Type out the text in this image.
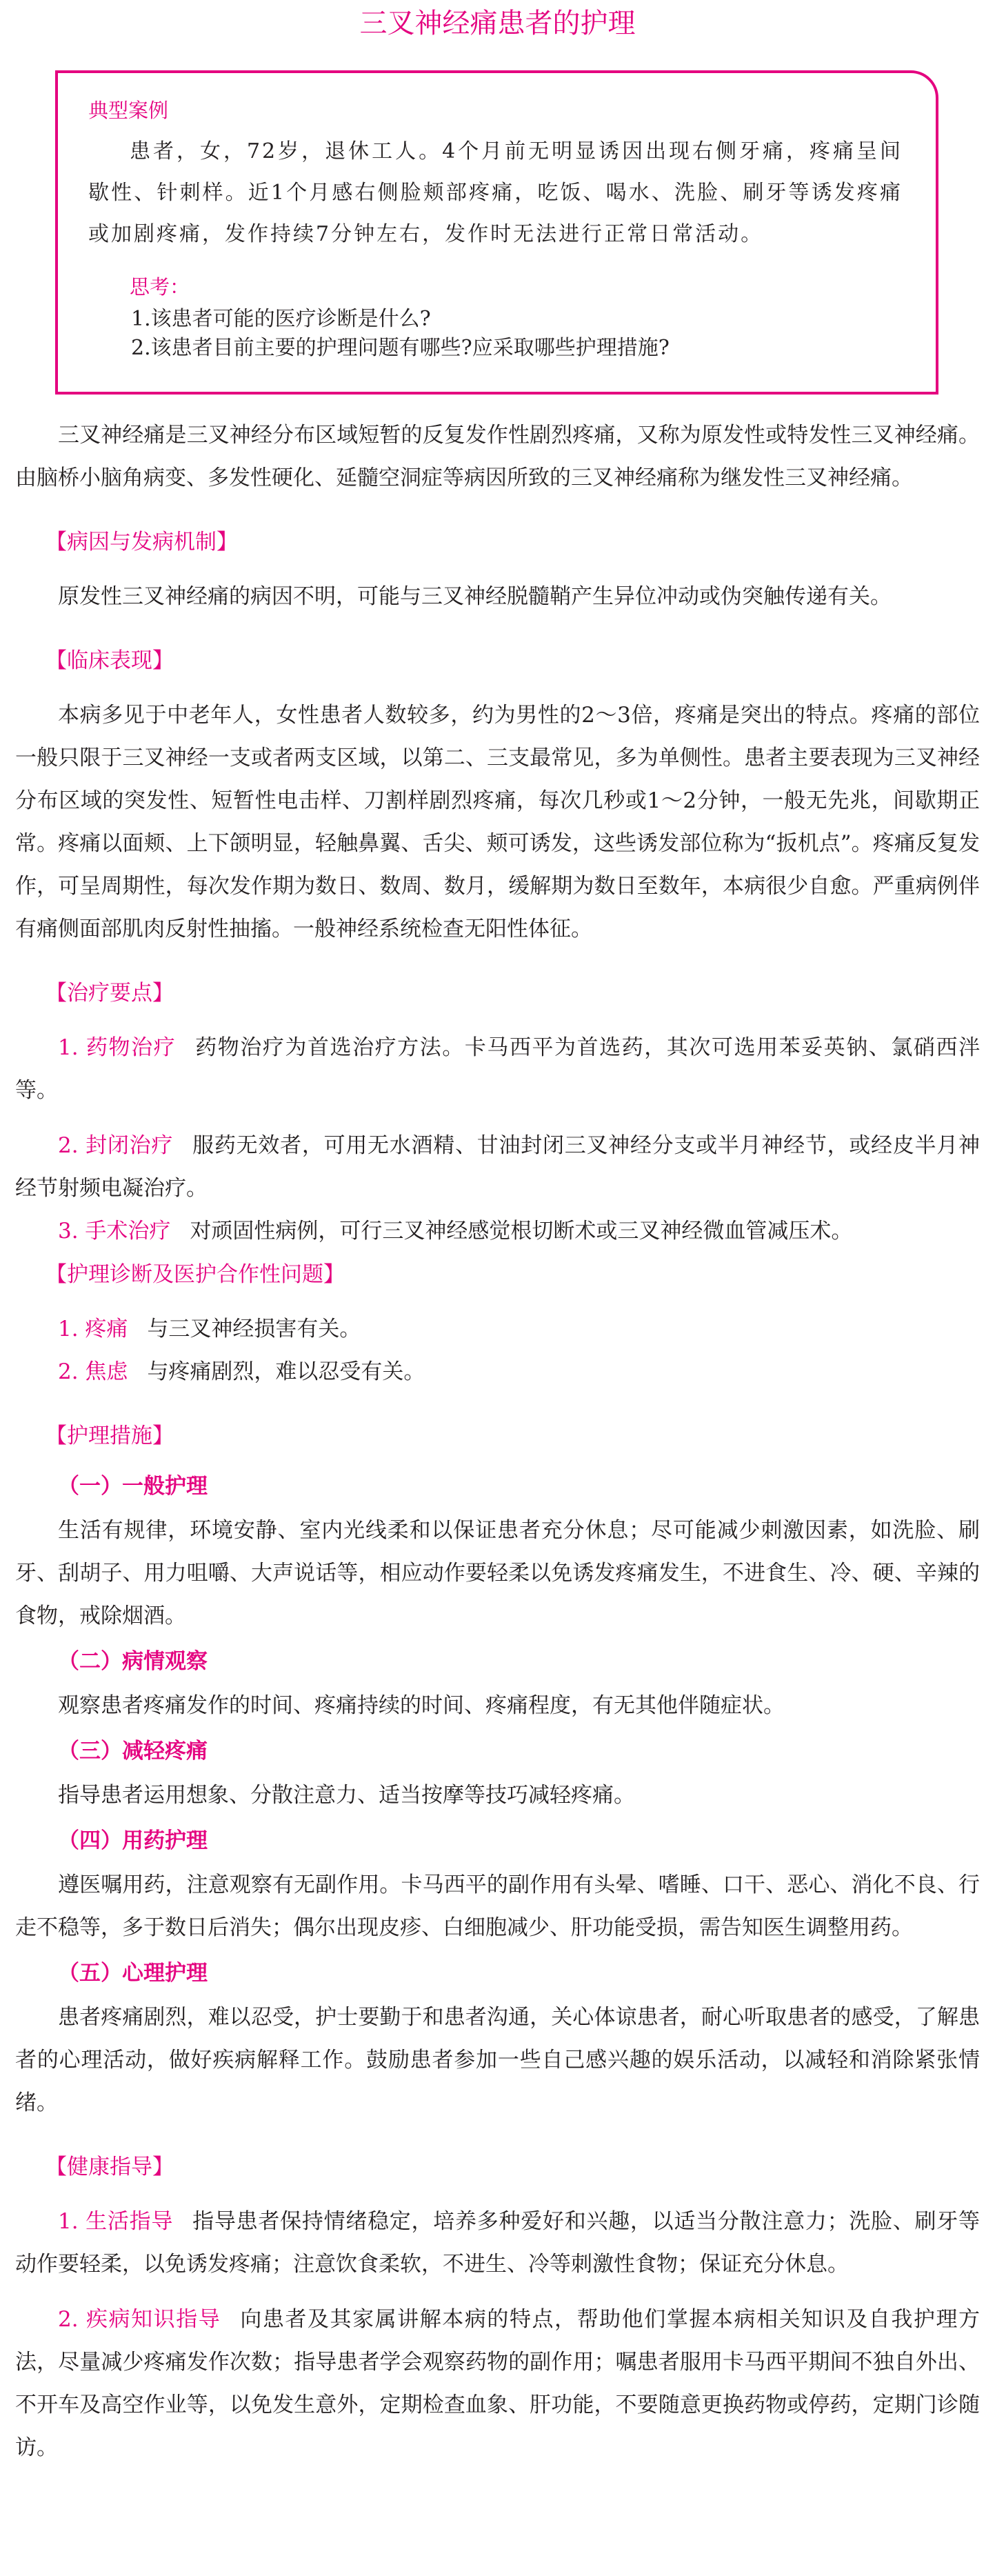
三叉神经痛患者的护理
典型案例
患者，女，72岁，退休工人。4个月前无明显诱因出现右侧牙痛，疼痛呈间歇性、针刺样。近1个月感右侧脸颊部疼痛，吃饭、喝水、洗脸、刷牙等诱发疼痛或加剧疼痛，发作持续7分钟左右，发作时无法进行正常日常活动。
思考：
1.该患者可能的医疗诊断是什么?
2.该患者目前主要的护理问题有哪些?应采取哪些护理措施?

三叉神经痛是三叉神经分布区域短暂的反复发作性剧烈疼痛，又称为原发性或特发性三叉神经痛。由脑桥小脑角病变、多发性硬化、延髓空洞症等病因所致的三叉神经痛称为继发性三叉神经痛。

【病因与发病机制】

原发性三叉神经痛的病因不明，可能与三叉神经脱髓鞘产生异位冲动或伪突触传递有关。

【临床表现】

本病多见于中老年人，女性患者人数较多，约为男性的2～3倍，疼痛是突出的特点。疼痛的部位一般只限于三叉神经一支或者两支区域，以第二、三支最常见，多为单侧性。患者主要表现为三叉神经分布区域的突发性、短暂性电击样、刀割样剧烈疼痛，每次几秒或1～2分钟，一般无先兆，间歇期正常。疼痛以面颊、上下颌明显，轻触鼻翼、舌尖、颊可诱发，这些诱发部位称为“扳机点”。疼痛反复发作，可呈周期性，每次发作期为数日、数周、数月，缓解期为数日至数年，本病很少自愈。严重病例伴有痛侧面部肌肉反射性抽搐。一般神经系统检查无阳性体征。

【治疗要点】

1. 药物治疗 药物治疗为首选治疗方法。卡马西平为首选药，其次可选用苯妥英钠、氯硝西泮等。

2. 封闭治疗 服药无效者，可用无水酒精、甘油封闭三叉神经分支或半月神经节，或经皮半月神经节射频电凝治疗。

3. 手术治疗 对顽固性病例，可行三叉神经感觉根切断术或三叉神经微血管减压术。

【护理诊断及医护合作性问题】

1. 疼痛 与三叉神经损害有关。

2. 焦虑 与疼痛剧烈，难以忍受有关。

【护理措施】
（一）一般护理

生活有规律，环境安静、室内光线柔和以保证患者充分休息；尽可能减少刺激因素，如洗脸、刷牙、刮胡子、用力咀嚼、大声说话等，相应动作要轻柔以免诱发疼痛发生，不进食生、冷、硬、辛辣的食物，戒除烟酒。

（二）病情观察

观察患者疼痛发作的时间、疼痛持续的时间、疼痛程度，有无其他伴随症状。

（三）减轻疼痛

指导患者运用想象、分散注意力、适当按摩等技巧减轻疼痛。

（四）用药护理

遵医嘱用药，注意观察有无副作用。卡马西平的副作用有头晕、嗜睡、口干、恶心、消化不良、行走不稳等，多于数日后消失；偶尔出现皮疹、白细胞减少、肝功能受损，需告知医生调整用药。

（五）心理护理

患者疼痛剧烈，难以忍受，护士要勤于和患者沟通，关心体谅患者，耐心听取患者的感受，了解患者的心理活动，做好疾病解释工作。鼓励患者参加一些自己感兴趣的娱乐活动，以减轻和消除紧张情绪。

【健康指导】

1. 生活指导 指导患者保持情绪稳定，培养多种爱好和兴趣，以适当分散注意力；洗脸、刷牙等动作要轻柔，以免诱发疼痛；注意饮食柔软，不进生、冷等刺激性食物；保证充分休息。

2. 疾病知识指导 向患者及其家属讲解本病的特点，帮助他们掌握本病相关知识及自我护理方法，尽量减少疼痛发作次数；指导患者学会观察药物的副作用；嘱患者服用卡马西平期间不独自外出、不开车及高空作业等，以免发生意外，定期检查血象、肝功能，不要随意更换药物或停药，定期门诊随访。
